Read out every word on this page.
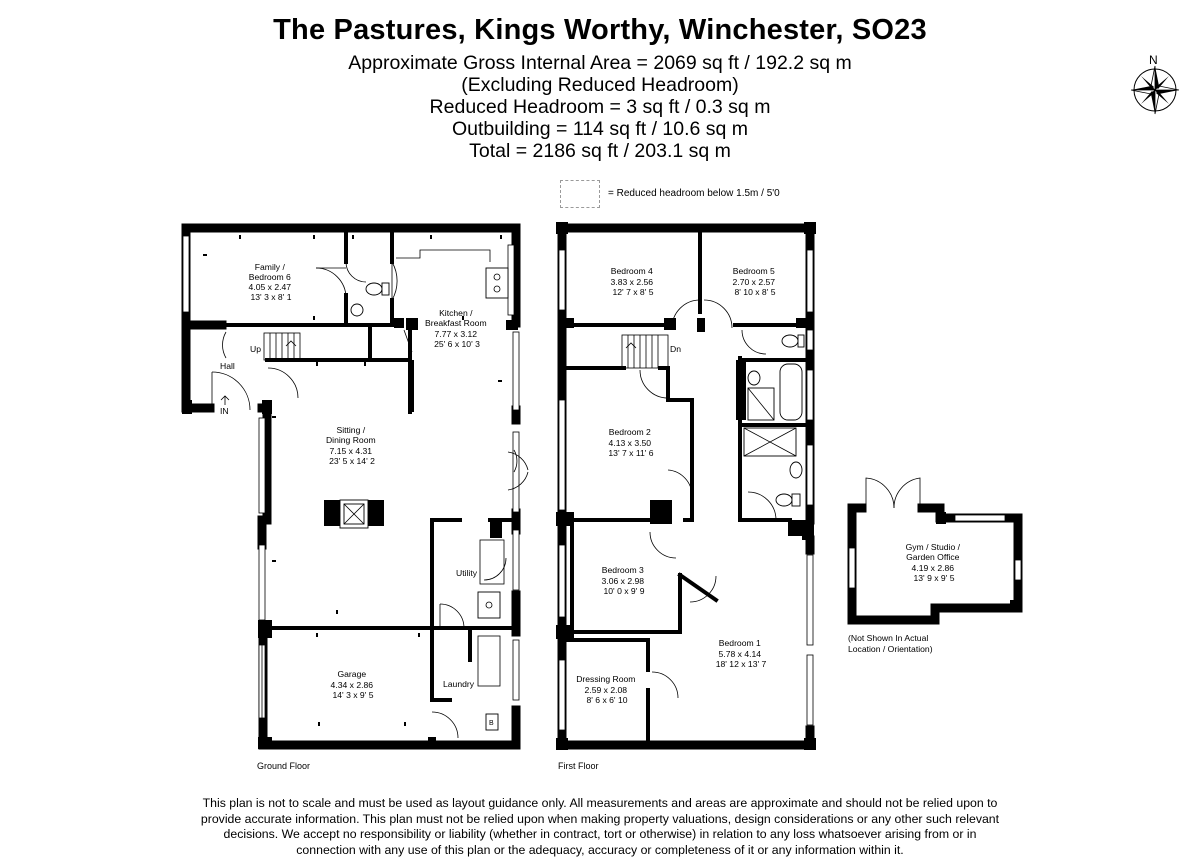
The Pastures, Kings Worthy, Winchester, SO23
Approximate Gross Internal Area = 2069 sq ft / 192.2 sq m
(Excluding Reduced Headroom)
Reduced Headroom = 3 sq ft / 0.3 sq m
Outbuilding = 114 sq ft / 10.6 sq m
Total = 2186 sq ft / 203.1 sq m
= Reduced headroom below 1.5m / 5'0
N
B
Family / Bedroom 6 4.05 x 2.47 13' 3 x 8' 1
Kitchen / Breakfast Room 7.77 x 3.12 25' 6 x 10' 3
Sitting / Dining Room 7.15 x 4.31 23' 5 x 14' 2
Garage 4.34 x 2.86 14' 3 x 9' 5
Hall
Up
IN
Utility
Laundry
Bedroom 4 3.83 x 2.56 12' 7 x 8' 5
Bedroom 5 2.70 x 2.57 8' 10 x 8' 5
Bedroom 2 4.13 x 3.50 13' 7 x 11' 6
Bedroom 3 3.06 x 2.98 10' 0 x 9' 9
Bedroom 1 5.78 x 4.14 18' 12 x 13' 7
Dressing Room 2.59 x 2.08 8' 6 x 6' 10
Dn
Gym / Studio / Garden Office 4.19 x 2.86 13' 9 x 9' 5
(Not Shown In Actual
Location / Orientation)
Ground Floor	First Floor
This plan is not to scale and must be used as layout guidance only. All measurements and areas are approximate and should not be relied upon to
provide accurate information. This plan must not be relied upon when making property valuations, design considerations or any other such relevant
decisions. We accept no responsibility or liability (whether in contract, tort or otherwise) in relation to any loss whatsoever arising from or in
connection with any use of this plan or the adequacy, accuracy or completeness of it or any information within it.
